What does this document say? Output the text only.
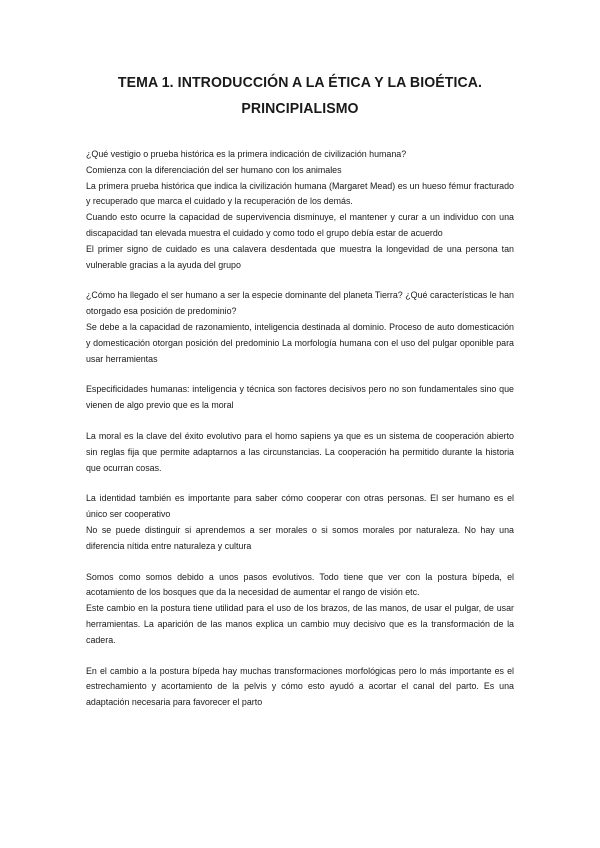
TEMA 1. INTRODUCCIÓN A LA ÉTICA Y LA BIOÉTICA.
PRINCIPIALISMO

¿Qué vestigio o prueba histórica es la primera indicación de civilización humana?

Comienza con la diferenciación del ser humano con los animales

La primera prueba histórica que indica la civilización humana (Margaret Mead) es un hueso fémur fracturado y recuperado que marca el cuidado y la recuperación de los demás.

Cuando esto ocurre la capacidad de supervivencia disminuye, el mantener y curar a un individuo con una discapacidad tan elevada muestra el cuidado y como todo el grupo debía estar de acuerdo

El primer signo de cuidado es una calavera desdentada que muestra la longevidad de una persona tan vulnerable gracias a la ayuda del grupo

¿Cómo ha llegado el ser humano a ser la especie dominante del planeta Tierra? ¿Qué características le han otorgado esa posición de predominio?

Se debe a la capacidad de razonamiento, inteligencia destinada al dominio. Proceso de auto domesticación y domesticación otorgan posición del predominio La morfología humana con el uso del pulgar oponible para usar herramientas

Especificidades humanas: inteligencia y técnica son factores decisivos pero no son fundamentales sino que vienen de algo previo que es la moral

La moral es la clave del éxito evolutivo para el homo sapiens ya que es un sistema de cooperación abierto sin reglas fija que permite adaptarnos a las circunstancias. La cooperación ha permitido durante la historia que ocurran cosas.

La identidad también es importante para saber cómo cooperar con otras personas. El ser humano es el único ser cooperativo

No se puede distinguir si aprendemos a ser morales o si somos morales por naturaleza. No hay una diferencia nítida entre naturaleza y cultura

Somos como somos debido a unos pasos evolutivos. Todo tiene que ver con la postura bípeda, el acotamiento de los bosques que da la necesidad de aumentar el rango de visión etc.

Este cambio en la postura tiene utilidad para el uso de los brazos, de las manos, de usar el pulgar, de usar herramientas. La aparición de las manos explica un cambio muy decisivo que es la transformación de la cadera.

En el cambio a la postura bípeda hay muchas transformaciones morfológicas pero lo más importante es el estrechamiento y acortamiento de la pelvis y cómo esto ayudó a acortar el canal del parto. Es una adaptación necesaria para favorecer el parto
